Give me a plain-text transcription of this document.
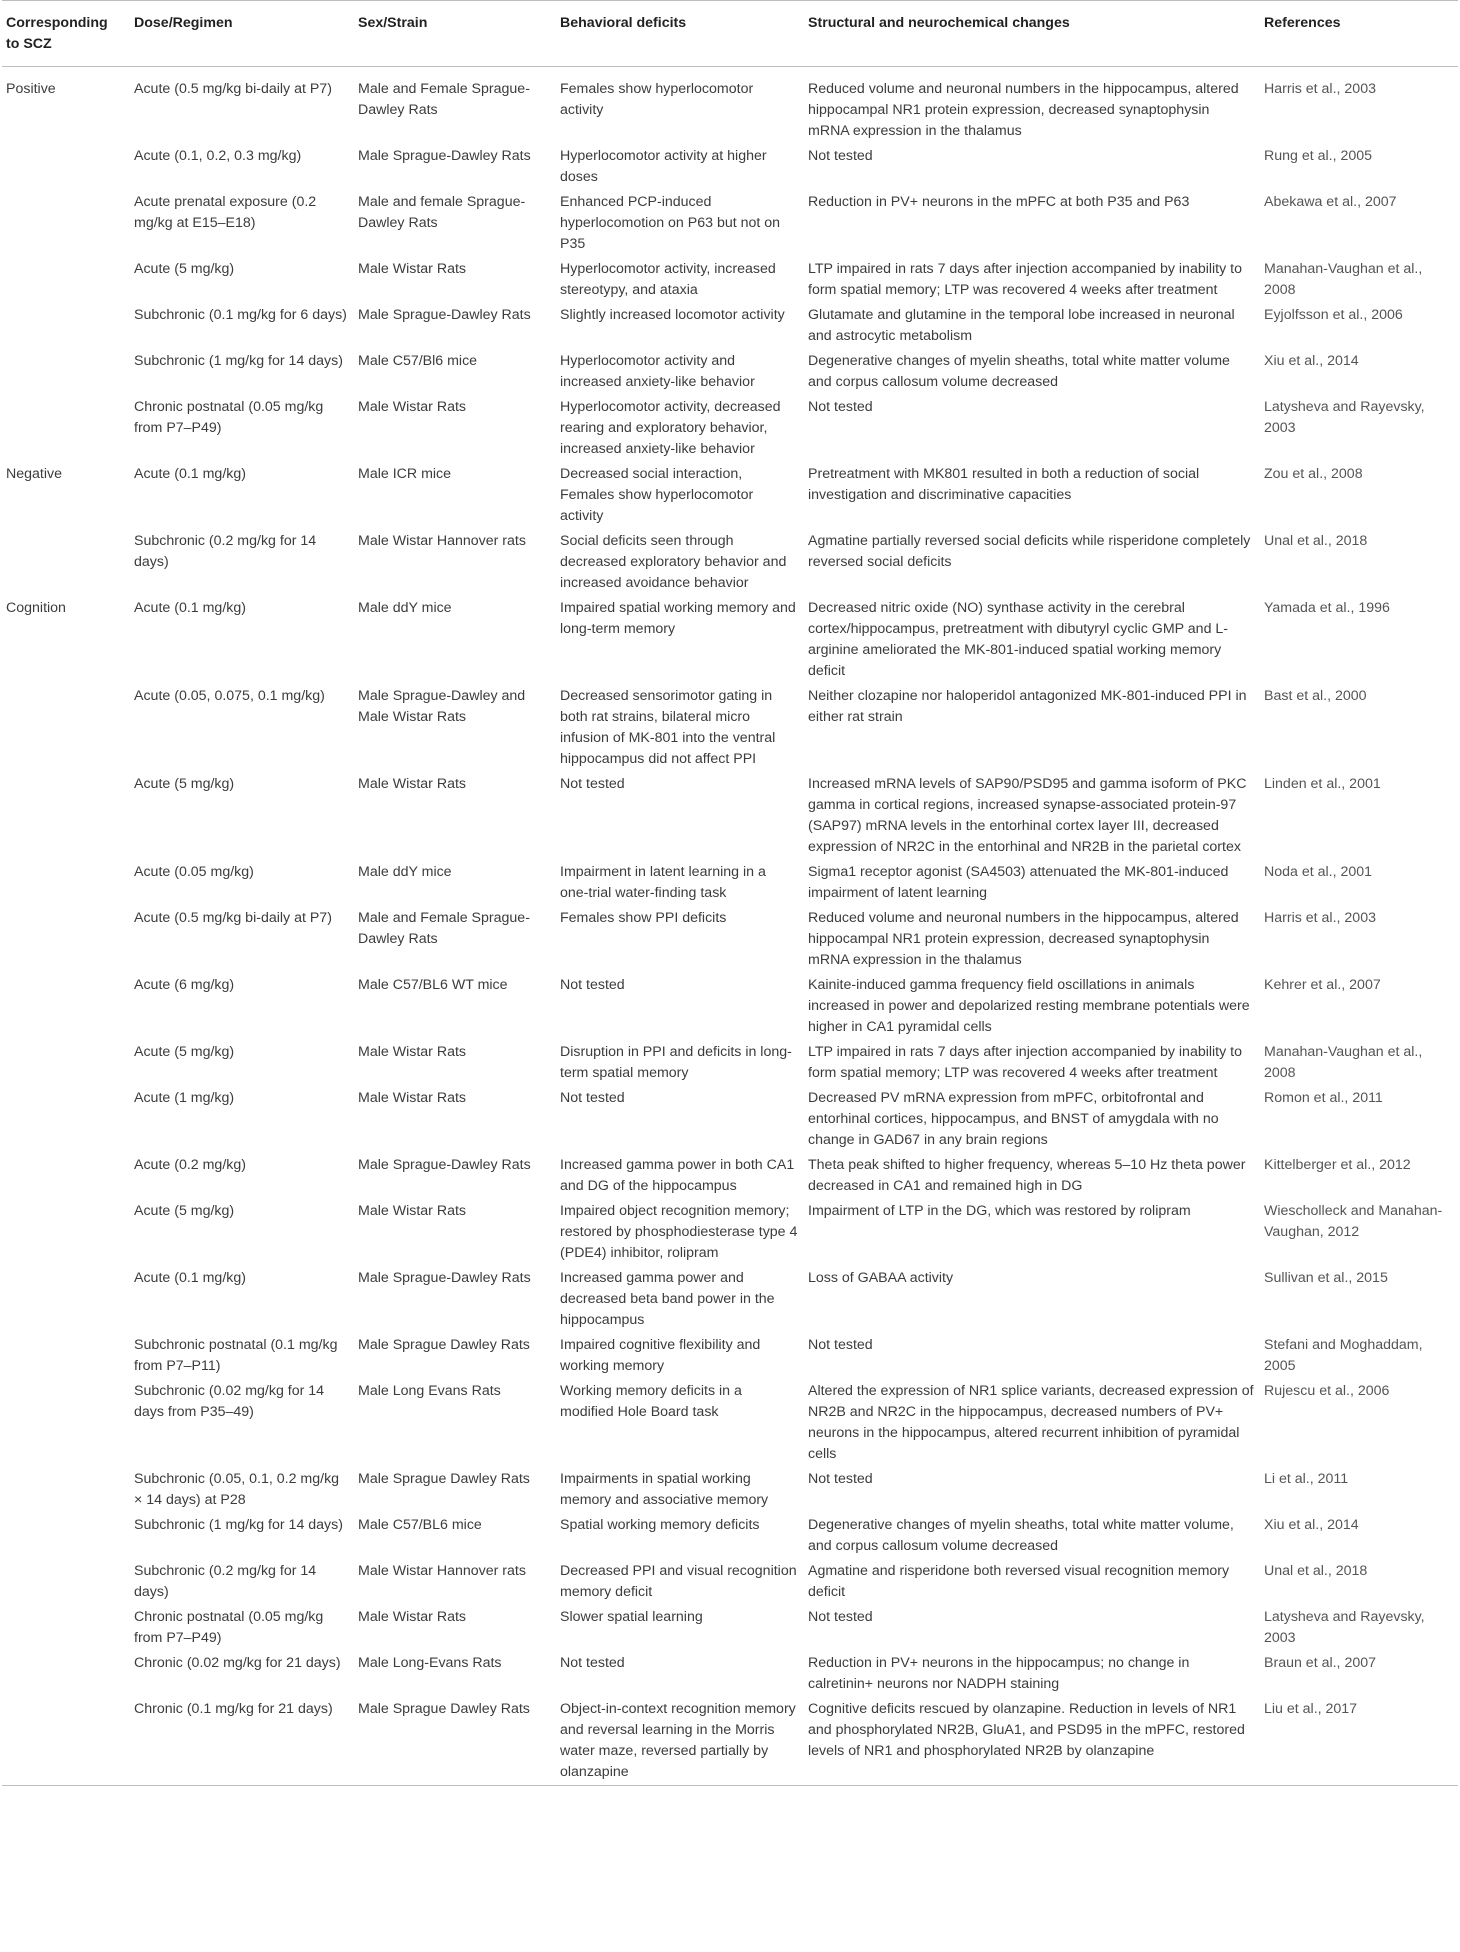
Corresponding to SCZ	Dose/Regimen	Sex/Strain	Behavioral deficits	Structural and neurochemical changes	References
Positive	Acute (0.5 mg/kg bi-daily at P7)	Male and Female Sprague-Dawley Rats	Females show hyperlocomotor activity	Reduced volume and neuronal numbers in the hippocampus, altered hippocampal NR1 protein expression, decreased synaptophysin mRNA expression in the thalamus	Harris et al., 2003
	Acute (0.1, 0.2, 0.3 mg/kg)	Male Sprague-Dawley Rats	Hyperlocomotor activity at higher doses	Not tested	Rung et al., 2005
	Acute prenatal exposure (0.2 mg/kg at E15–E18)	Male and female Sprague-Dawley Rats	Enhanced PCP-induced hyperlocomotion on P63 but not on P35	Reduction in PV+ neurons in the mPFC at both P35 and P63	Abekawa et al., 2007
	Acute (5 mg/kg)	Male Wistar Rats	Hyperlocomotor activity, increased stereotypy, and ataxia	LTP impaired in rats 7 days after injection accompanied by inability to form spatial memory; LTP was recovered 4 weeks after treatment	Manahan-Vaughan et al., 2008
	Subchronic (0.1 mg/kg for 6 days)	Male Sprague-Dawley Rats	Slightly increased locomotor activity	Glutamate and glutamine in the temporal lobe increased in neuronal and astrocytic metabolism	Eyjolfsson et al., 2006
	Subchronic (1 mg/kg for 14 days)	Male C57/Bl6 mice	Hyperlocomotor activity and increased anxiety-like behavior	Degenerative changes of myelin sheaths, total white matter volume and corpus callosum volume decreased	Xiu et al., 2014
	Chronic postnatal (0.05 mg/kg from P7–P49)	Male Wistar Rats	Hyperlocomotor activity, decreased rearing and exploratory behavior, increased anxiety-like behavior	Not tested	Latysheva and Rayevsky, 2003
Negative	Acute (0.1 mg/kg)	Male ICR mice	Decreased social interaction, Females show hyperlocomotor activity	Pretreatment with MK801 resulted in both a reduction of social investigation and discriminative capacities	Zou et al., 2008
	Subchronic (0.2 mg/kg for 14 days)	Male Wistar Hannover rats	Social deficits seen through decreased exploratory behavior and increased avoidance behavior	Agmatine partially reversed social deficits while risperidone completely reversed social deficits	Unal et al., 2018
Cognition	Acute (0.1 mg/kg)	Male ddY mice	Impaired spatial working memory and long-term memory	Decreased nitric oxide (NO) synthase activity in the cerebral cortex/hippocampus, pretreatment with dibutyryl cyclic GMP and L-arginine ameliorated the MK-801-induced spatial working memory deficit	Yamada et al., 1996
	Acute (0.05, 0.075, 0.1 mg/kg)	Male Sprague-Dawley and Male Wistar Rats	Decreased sensorimotor gating in both rat strains, bilateral micro infusion of MK-801 into the ventral hippocampus did not affect PPI	Neither clozapine nor haloperidol antagonized MK-801-induced PPI in either rat strain	Bast et al., 2000
	Acute (5 mg/kg)	Male Wistar Rats	Not tested	Increased mRNA levels of SAP90/PSD95 and gamma isoform of PKC gamma in cortical regions, increased synapse-associated protein-97 (SAP97) mRNA levels in the entorhinal cortex layer III, decreased expression of NR2C in the entorhinal and NR2B in the parietal cortex	Linden et al., 2001
	Acute (0.05 mg/kg)	Male ddY mice	Impairment in latent learning in a one-trial water-finding task	Sigma1 receptor agonist (SA4503) attenuated the MK-801-induced impairment of latent learning	Noda et al., 2001
	Acute (0.5 mg/kg bi-daily at P7)	Male and Female Sprague-Dawley Rats	Females show PPI deficits	Reduced volume and neuronal numbers in the hippocampus, altered hippocampal NR1 protein expression, decreased synaptophysin mRNA expression in the thalamus	Harris et al., 2003
	Acute (6 mg/kg)	Male C57/BL6 WT mice	Not tested	Kainite-induced gamma frequency field oscillations in animals increased in power and depolarized resting membrane potentials were higher in CA1 pyramidal cells	Kehrer et al., 2007
	Acute (5 mg/kg)	Male Wistar Rats	Disruption in PPI and deficits in long-term spatial memory	LTP impaired in rats 7 days after injection accompanied by inability to form spatial memory; LTP was recovered 4 weeks after treatment	Manahan-Vaughan et al., 2008
	Acute (1 mg/kg)	Male Wistar Rats	Not tested	Decreased PV mRNA expression from mPFC, orbitofrontal and entorhinal cortices, hippocampus, and BNST of amygdala with no change in GAD67 in any brain regions	Romon et al., 2011
	Acute (0.2 mg/kg)	Male Sprague-Dawley Rats	Increased gamma power in both CA1 and DG of the hippocampus	Theta peak shifted to higher frequency, whereas 5–10 Hz theta power decreased in CA1 and remained high in DG	Kittelberger et al., 2012
	Acute (5 mg/kg)	Male Wistar Rats	Impaired object recognition memory; restored by phosphodiesterase type 4 (PDE4) inhibitor, rolipram	Impairment of LTP in the DG, which was restored by rolipram	Wiescholleck and Manahan-Vaughan, 2012
	Acute (0.1 mg/kg)	Male Sprague-Dawley Rats	Increased gamma power and decreased beta band power in the hippocampus	Loss of GABAA activity	Sullivan et al., 2015
	Subchronic postnatal (0.1 mg/kg from P7–P11)	Male Sprague Dawley Rats	Impaired cognitive flexibility and working memory	Not tested	Stefani and Moghaddam, 2005
	Subchronic (0.02 mg/kg for 14 days from P35–49)	Male Long Evans Rats	Working memory deficits in a modified Hole Board task	Altered the expression of NR1 splice variants, decreased expression of NR2B and NR2C in the hippocampus, decreased numbers of PV+ neurons in the hippocampus, altered recurrent inhibition of pyramidal cells	Rujescu et al., 2006
	Subchronic (0.05, 0.1, 0.2 mg/kg × 14 days) at P28	Male Sprague Dawley Rats	Impairments in spatial working memory and associative memory	Not tested	Li et al., 2011
	Subchronic (1 mg/kg for 14 days)	Male C57/BL6 mice	Spatial working memory deficits	Degenerative changes of myelin sheaths, total white matter volume, and corpus callosum volume decreased	Xiu et al., 2014
	Subchronic (0.2 mg/kg for 14 days)	Male Wistar Hannover rats	Decreased PPI and visual recognition memory deficit	Agmatine and risperidone both reversed visual recognition memory deficit	Unal et al., 2018
	Chronic postnatal (0.05 mg/kg from P7–P49)	Male Wistar Rats	Slower spatial learning	Not tested	Latysheva and Rayevsky, 2003
	Chronic (0.02 mg/kg for 21 days)	Male Long-Evans Rats	Not tested	Reduction in PV+ neurons in the hippocampus; no change in calretinin+ neurons nor NADPH staining	Braun et al., 2007
	Chronic (0.1 mg/kg for 21 days)	Male Sprague Dawley Rats	Object-in-context recognition memory and reversal learning in the Morris water maze, reversed partially by olanzapine	Cognitive deficits rescued by olanzapine. Reduction in levels of NR1 and phosphorylated NR2B, GluA1, and PSD95 in the mPFC, restored levels of NR1 and phosphorylated NR2B by olanzapine	Liu et al., 2017
